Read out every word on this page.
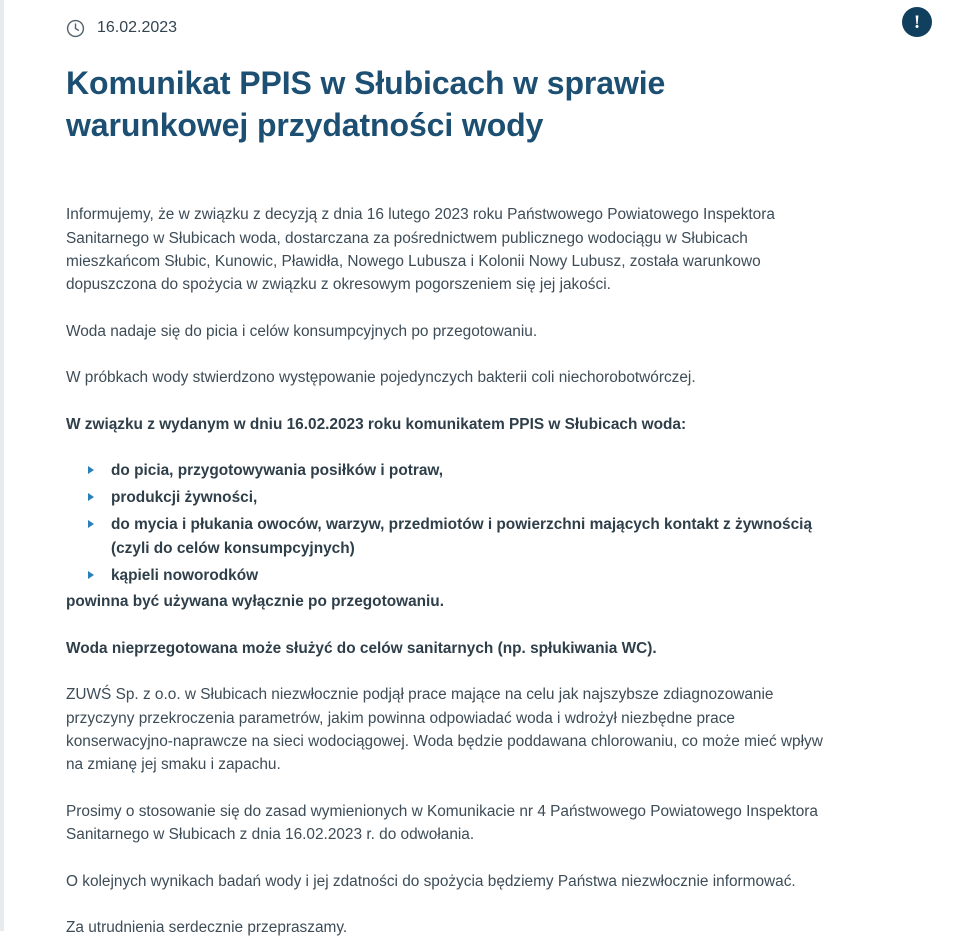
!
16.02.2023
Komunikat PPIS w Słubicach w sprawie warunkowej przydatności wody

Informujemy, że w związku z decyzją z dnia 16 lutego 2023 roku Państwowego Powiatowego Inspektora Sanitarnego w Słubicach woda, dostarczana za pośrednictwem publicznego wodociągu w Słubicach mieszkańcom Słubic, Kunowic, Pławidła, Nowego Lubusza i Kolonii Nowy Lubusz, została warunkowo dopuszczona do spożycia w związku z okresowym pogorszeniem się jej jakości.

Woda nadaje się do picia i celów konsumpcyjnych po przegotowaniu.

W próbkach wody stwierdzono występowanie pojedynczych bakterii coli niechorobotwórczej.

W związku z wydanym w dniu 16.02.2023 roku komunikatem PPIS w Słubicach woda:

do picia, przygotowywania posiłków i potraw,
produkcji żywności,
do mycia i płukania owoców, warzyw, przedmiotów i powierzchni mających kontakt z żywnością (czyli do celów konsumpcyjnych)
kąpieli noworodków

powinna być używana wyłącznie po przegotowaniu.

Woda nieprzegotowana może służyć do celów sanitarnych (np. spłukiwania WC).

ZUWŚ Sp. z o.o. w Słubicach niezwłocznie podjął prace mające na celu jak najszybsze zdiagnozowanie przyczyny przekroczenia parametrów, jakim powinna odpowiadać woda i wdrożył niezbędne prace konserwacyjno-naprawcze na sieci wodociągowej. Woda będzie poddawana chlorowaniu, co może mieć wpływ na zmianę jej smaku i zapachu.

Prosimy o stosowanie się do zasad wymienionych w Komunikacie nr 4 Państwowego Powiatowego Inspektora Sanitarnego w Słubicach z dnia 16.02.2023 r. do odwołania.

O kolejnych wynikach badań wody i jej zdatności do spożycia będziemy Państwa niezwłocznie informować.

Za utrudnienia serdecznie przepraszamy.
